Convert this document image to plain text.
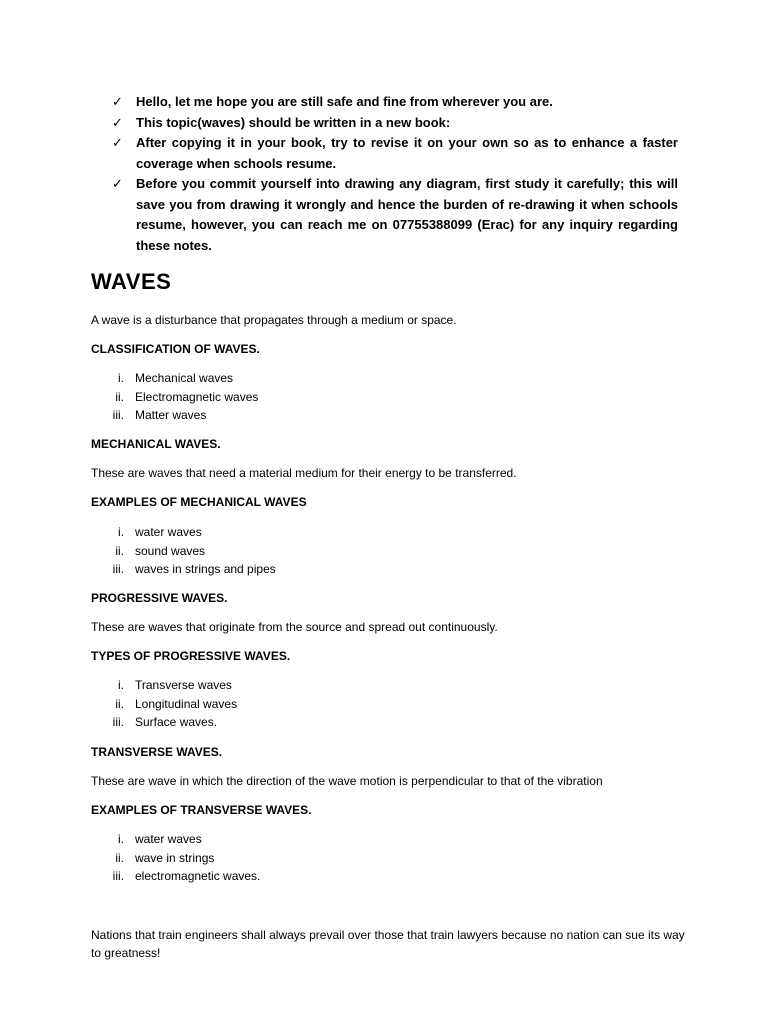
✓ Hello, let me hope you are still safe and fine from wherever you are.
✓ This topic(waves) should be written in a new book:
✓ After copying it in your book, try to revise it on your own so as to enhance a faster coverage when schools resume.
✓ Before you commit yourself into drawing any diagram, first study it carefully; this will save you from drawing it wrongly and hence the burden of re-drawing it when schools resume, however, you can reach me on 07755388099 (Erac) for any inquiry regarding these notes.
WAVES

A wave is a disturbance that propagates through a medium or space.

CLASSIFICATION OF WAVES.

i. Mechanical waves
ii. Electromagnetic waves
iii. Matter waves

MECHANICAL WAVES.

These are waves that need a material medium for their energy to be transferred.

EXAMPLES OF MECHANICAL WAVES

i. water waves
ii. sound waves
iii. waves in strings and pipes

PROGRESSIVE WAVES.

These are waves that originate from the source and spread out continuously.

TYPES OF PROGRESSIVE WAVES.

i. Transverse waves
ii. Longitudinal waves
iii. Surface waves.

TRANSVERSE WAVES.

These are wave in which the direction of the wave motion is perpendicular to that of the vibration

EXAMPLES OF TRANSVERSE WAVES.

i. water waves
ii. wave in strings
iii. electromagnetic waves.

Nations that train engineers shall always prevail over those that train lawyers because no nation can sue its way to greatness!
